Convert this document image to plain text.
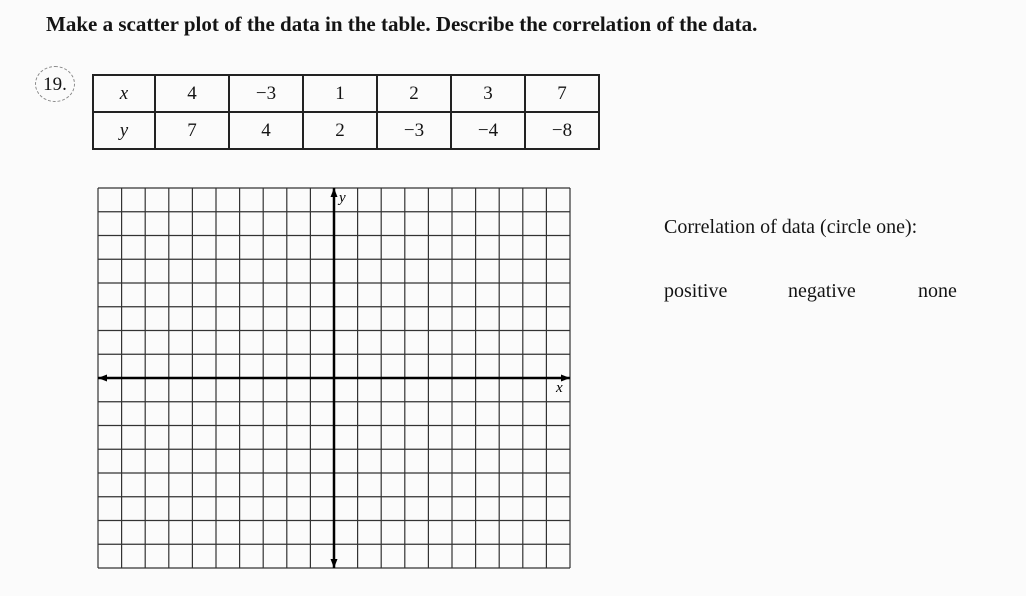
Make a scatter plot of the data in the table. Describe the correlation of the data.
19.	x	4	−3	1	2	3	7
y	7	4	2	−3	−4	−8
x
y
Correlation of data (circle one):
positive	negative	none
